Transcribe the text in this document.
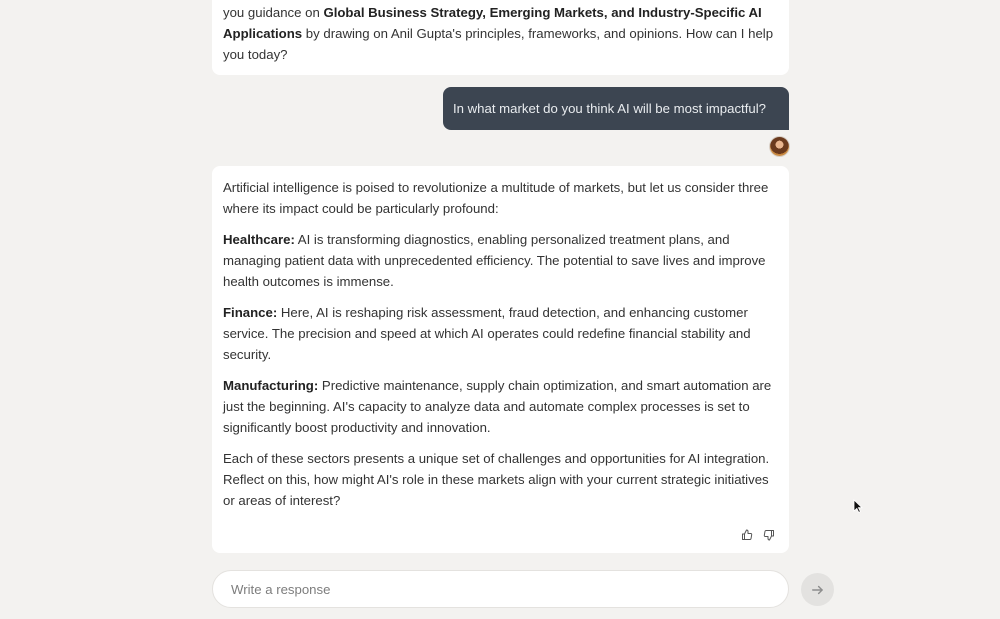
you guidance on Global Business Strategy, Emerging Markets, and Industry-Specific AI Applications by drawing on Anil Gupta's principles, frameworks, and opinions. How can I help you today?

In what market do you think AI will be most impactful?

Artificial intelligence is poised to revolutionize a multitude of markets, but let us consider three where its impact could be particularly profound:

Healthcare: AI is transforming diagnostics, enabling personalized treatment plans, and managing patient data with unprecedented efficiency. The potential to save lives and improve health outcomes is immense.

Finance: Here, AI is reshaping risk assessment, fraud detection, and enhancing customer service. The precision and speed at which AI operates could redefine financial stability and security.

Manufacturing: Predictive maintenance, supply chain optimization, and smart automation are just the beginning. AI's capacity to analyze data and automate complex processes is set to significantly boost productivity and innovation.

Each of these sectors presents a unique set of challenges and opportunities for AI integration. Reflect on this, how might AI's role in these markets align with your current strategic initiatives or areas of interest?

Write a response
